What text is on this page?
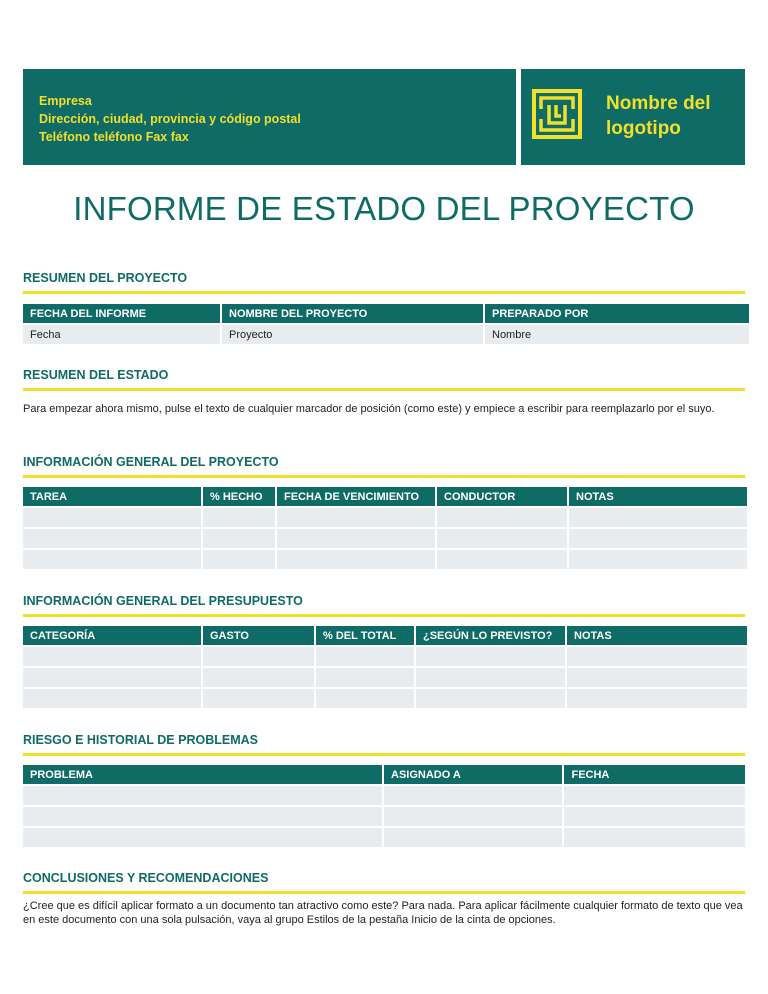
Empresa
Dirección, ciudad, provincia y código postal
Teléfono teléfono Fax fax
Nombre del
logotipo
INFORME DE ESTADO DEL PROYECTO
RESUMEN DEL PROYECTO
FECHA DEL INFORME	NOMBRE DEL PROYECTO	PREPARADO POR
Fecha	Proyecto	Nombre
RESUMEN DEL ESTADO
Para empezar ahora mismo, pulse el texto de cualquier marcador de posición (como este) y empiece a escribir para reemplazarlo por el suyo.
INFORMACIÓN GENERAL DEL PROYECTO
TAREA	% HECHO	FECHA DE VENCIMIENTO	CONDUCTOR	NOTAS

INFORMACIÓN GENERAL DEL PRESUPUESTO
CATEGORÍA	GASTO	% DEL TOTAL	¿SEGÚN LO PREVISTO?	NOTAS

RIESGO E HISTORIAL DE PROBLEMAS
PROBLEMA	ASIGNADO A	FECHA

CONCLUSIONES Y RECOMENDACIONES
¿Cree que es difícil aplicar formato a un documento tan atractivo como este? Para nada. Para aplicar fácilmente cualquier formato de texto que vea en este documento con una sola pulsación, vaya al grupo Estilos de la pestaña Inicio de la cinta de opciones.
